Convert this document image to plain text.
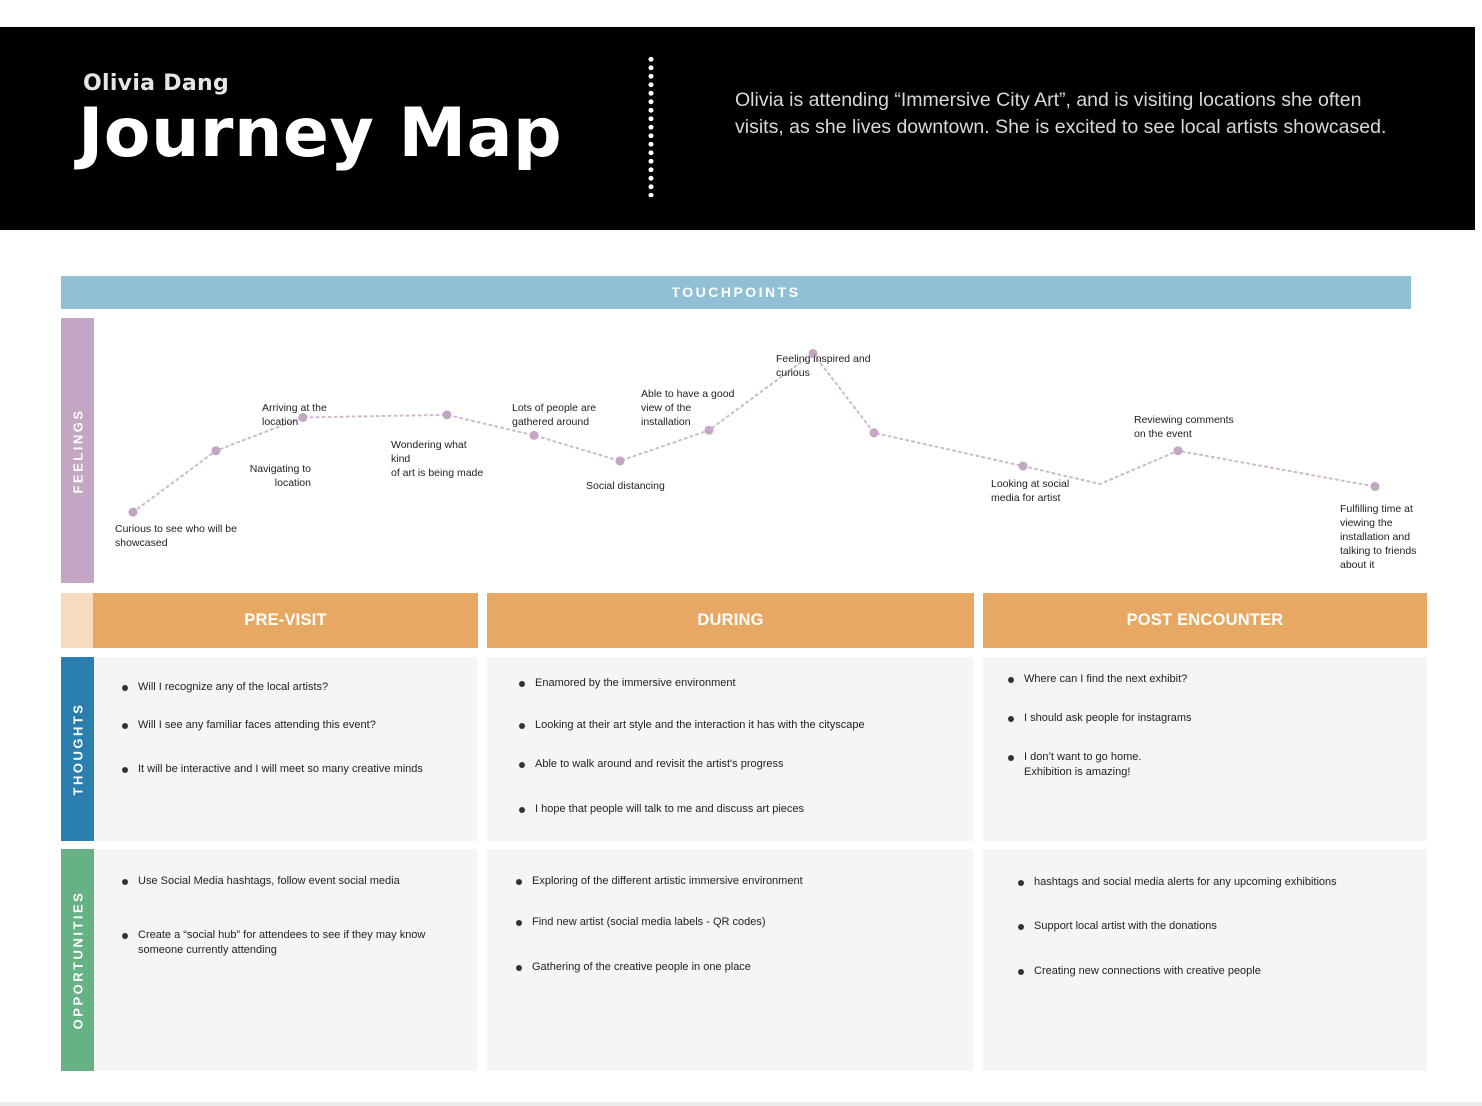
Olivia Dang
Journey Map	Olivia is attending “Immersive City Art”, and is visiting locations she often visits, as she lives downtown. She is excited to see local artists showcased.
TOUCHPOINTS
FEELINGS
THOUGHTS
OPPORTUNITIES
Curious to see who will be showcased
Navigating to location
Arriving at the location
Wondering what kind of art is being made
Lots of people are gathered around
Social distancing
Able to have a good view of the installation
Feeling inspired and curious
Looking at social media for artist
Reviewing comments on the event
Fulfilling time at viewing the installation and talking to friends about it
PRE-VISIT	DURING	POST ENCOUNTER
Will I recognize any of the local artists?
Will I see any familiar faces attending this event?
It will be interactive and I will meet so many creative minds
Enamored by the immersive environment
Looking at their art style and the interaction it has with the cityscape
Able to walk around and revisit the artist's progress
I hope that people will talk to me and discuss art pieces
Where can I find the next exhibit?
I should ask people for instagrams
I don’t want to go home.
Exhibition is amazing!
Use Social Media hashtags, follow event social media
Create a “social hub” for attendees to see if they may know
someone currently attending
Exploring of the different artistic immersive environment
Find new artist (social media labels - QR codes)
Gathering of the creative people in one place
hashtags and social media alerts for any upcoming exhibitions
Support local artist with the donations
Creating new connections with creative people
